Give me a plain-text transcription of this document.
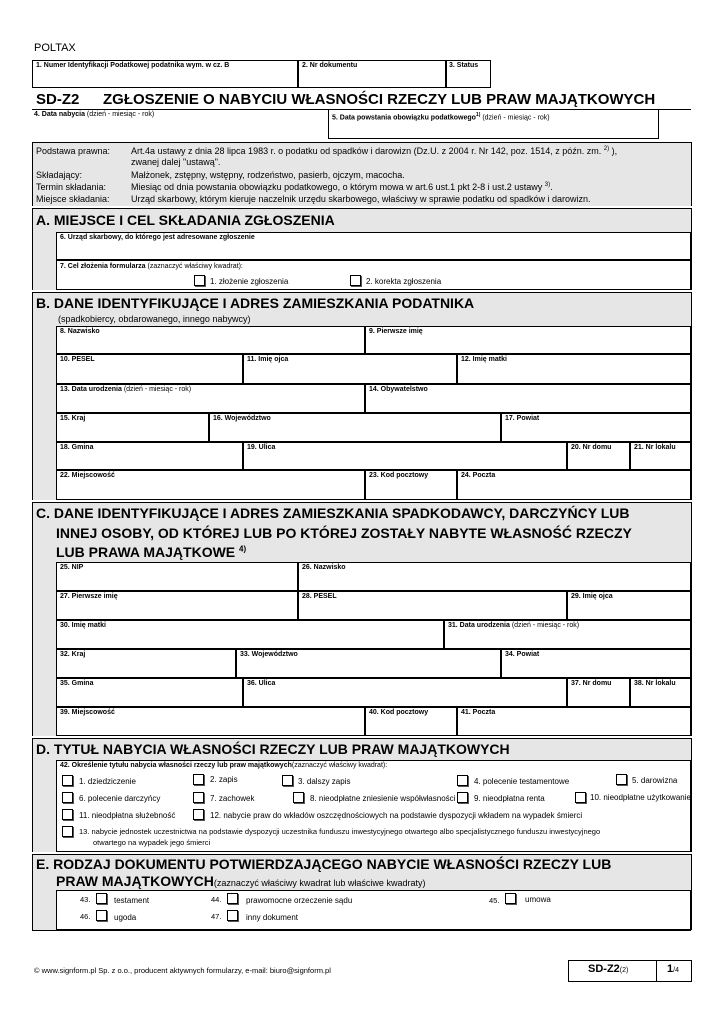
POLTAX
1. Numer Identyfikacji Podatkowej podatnika wym. w cz. B	2. Nr dokumentu	3. Status
SD-Z2 ZGŁOSZENIE O NABYCIU WŁASNOŚCI RZECZY LUB PRAW MAJĄTKOWYCH
4. Data nabycia (dzień - miesiąc - rok)	5. Data powstania obowiązku podatkowego$^{1)}$ (dzień - miesiąc - rok)
Podstawa prawna: Art.4a ustawy z dnia 28 lipca 1983 r. o podatku od spadków i darowizn (Dz.U. z 2004 r. Nr 142, poz. 1514, z późn. zm. $^{2)}$ ),
zwanej dalej "ustawą".
Składający:	Małżonek, zstępny, wstępny, rodzeństwo, pasierb, ojczym, macocha.
Termin składania:	Miesiąc od dnia powstania obowiązku podatkowego, o którym mowa w art.6 ust.1 pkt 2-8 i ust.2 ustawy $^{3)}$.
Miejsce składania: Urząd skarbowy, którym kieruje naczelnik urzędu skarbowego, właściwy w sprawie podatku od spadków i darowizn.
A. MIEJSCE I CEL SKŁADANIA ZGŁOSZENIA
6. Urząd skarbowy, do którego jest adresowane zgłoszenie
7. Cel złożenia formularza (zaznaczyć właściwy kwadrat):
1. złożenie zgłoszenia	2. korekta zgłoszenia
B. DANE IDENTYFIKUJĄCE I ADRES ZAMIESZKANIA PODATNIKA
(spadkobiercy, obdarowanego, innego nabywcy)
8. Nazwisko	9. Pierwsze imię
10. PESEL	11. Imię ojca	12. Imię matki
13. Data urodzenia (dzień - miesiąc - rok)	14. Obywatelstwo
15. Kraj	16. Województwo	17. Powiat
18. Gmina	19. Ulica	20. Nr domu	21. Nr lokalu
22. Miejscowość	23. Kod pocztowy	24. Poczta
C. DANE IDENTYFIKUJĄCE I ADRES ZAMIESZKANIA SPADKODAWCY, DARCZYŃCY LUB
INNEJ OSOBY, OD KTÓREJ LUB PO KTÓREJ ZOSTAŁY NABYTE WŁASNOŚĆ RZECZY
LUB PRAWA MAJĄTKOWE $^{4)}$
25. NIP	26. Nazwisko
27. Pierwsze imię	28. PESEL	29. Imię ojca
30. Imię matki	31. Data urodzenia (dzień - miesiąc - rok)
32. Kraj	33. Województwo	34. Powiat
35. Gmina	36. Ulica	37. Nr domu	38. Nr lokalu
39. Miejscowość	40. Kod pocztowy	41. Poczta
D. TYTUŁ NABYCIA WŁASNOŚCI RZECZY LUB PRAW MAJĄTKOWYCH
42. Określenie tytułu nabycia własności rzeczy lub praw majątkowych(zaznaczyć właściwy kwadrat):
1. dziedziczenie	2. zapis	3. dalszy zapis	4. polecenie testamentowe	5. darowizna
6. polecenie darczyńcy	7. zachowek	8. nieodpłatne zniesienie współwłasności 9. nieodpłatna renta	10. nieodpłatne użytkowanie
11. nieodpłatna służebność	12. nabycie praw do wkładów oszczędnościowych na podstawie dyspozycji wkładem na wypadek śmierci
13. nabycie jednostek uczestnictwa na podstawie dyspozycji uczestnika funduszu inwestycyjnego otwartego albo specjalistycznego funduszu inwestycyjnego
otwartego na wypadek jego śmierci
E. RODZAJ DOKUMENTU POTWIERDZAJĄCEGO NABYCIE WŁASNOŚCI RZECZY LUB
PRAW MAJĄTKOWYCH(zaznaczyć właściwy kwadrat lub właściwe kwadraty)
43.	testament	44.	prawomocne orzeczenie sądu	45.	umowa
46.	ugoda	47.	inny dokument
© www.signform.pl Sp. z o.o., producent aktywnych formularzy, e-mail: biuro@signform.pl	SD-Z2(2)	1/4
